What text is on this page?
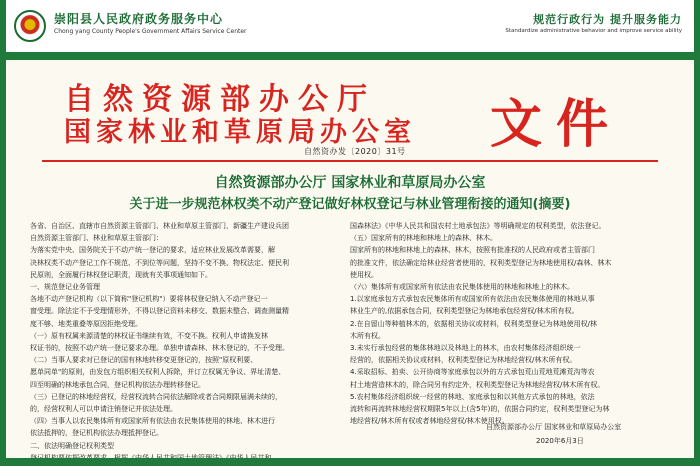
崇阳县人民政府政务服务中心
Chong yang County People's Government Affairs Service Center
规范行政行为 提升服务能力
Standardize administrative behavior and improve service ability
自然资源部办公厅
国家林业和草原局办公室 文件
自然资办发〔2020〕31号
自然资源部办公厅 国家林业和草原局办公室
关于进一步规范林权类不动产登记做好林权登记与林业管理衔接的通知(摘要)

各省、自治区、直辖市自然资源主管部门、林业和草原主管部门，新疆生产建设兵团

自然资源主管部门、林业和草原主管部门：

为落实党中央、国务院关于不动产统一登记的要求，适应林业发展改革需要，解

决林权类不动产登记工作不规范、不到位等问题，坚持不变不换、物权法定、便民利

民原则，全面履行林权登记职责，现就有关事项通知如下。

一、规范登记业务管理

各地不动产登记机构（以下简称"登记机构"）要将林权登记纳入不动产登记一

窗受理。除法定不予受理情形外，不得以登记资料未移交、数据未整合、调查测量精

度不够、地类重叠等原因拒绝受理。

（一）原有权属来源清楚的林权证书继续有效，不变不换。权利人申请换发林

权证书的，按照不动产统一登记要求办理。单独申请森林、林木登记的，不予受理。

（二）当事人要求对已登记的国有林地转移变更登记的，按照"原权利要、

愿单同单"的原则，由发包方组织相关权利人拆除，并订立权属无争议、界址清楚、

四至明确的林地承包合同，登记机构依法办理转移登记。

（三）已登记的林地经营权，经营权流转合同依法解除或者合同期限届满未续的，

的，经营权利人可以申请注销登记并依法处理。

（四）当事人以农民集体所有或国家所有依法由农民集体使用的林地、林木进行

依法抵押的，登记机构依法办理抵押登记。

二、依法明确登记权利类型

国森林法》《中华人民共和国农村土地承包法》等明确规定的权利类型，依法登记。

（五）国家所有的林地和林地上的森林、林木。

国家所有的林地和林地上的森林、林木，按照有批准权的人民政府或者主管部门

的批准文件，依法确定给林业经营者使用的，权利类型登记为林地使用权/森林、林木

使用权。

（六）集体所有或国家所有依法由农民集体使用的林地和林地上的林木。

1.以家庭承包方式承包农民集体所有或国家所有依法由农民集体使用的林地从事

林业生产的,依据承包合同，权利类型登记为林地承包经营权/林木所有权。

2.在自留山等种植林木的，依据相关协议或材料，权利类型登记为林地使用权/林

木所有权。

3.未实行承包经营的集体林地以及林地上的林木，由农村集体经济组织统一

经营的，依据相关协议或材料，权利类型登记为林地经营权/林木所有权。

4.采取招标、拍卖、公开协商等家庭承包以外的方式承包荒山荒地荒滩荒沟等农

村土地营造林木的，除合同另有约定外，权利类型登记为林地经营权/林木所有权。

5.农村集体经济组织统一经营的林地、家庭承包和以其他方式承包的林地，依法

流转和再流转林地经营权期限5年以上(含5年)的，依据合同约定，权利类型登记为林

地经营权/林木所有权或者林地经营权/林木使用权。

自然资源部办公厅 国家林业和草原局办公室
2020年6月3日
